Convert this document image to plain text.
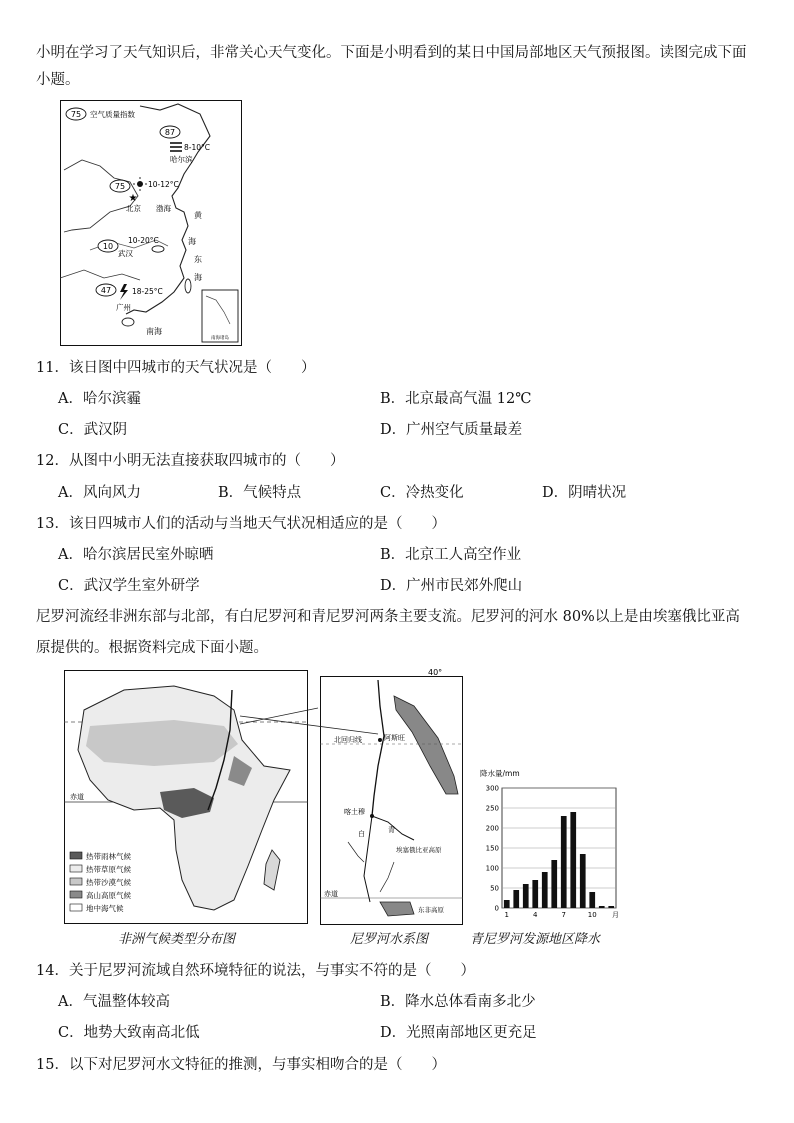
小明在学习了天气知识后，非常关心天气变化。下面是小明看到的某日中国局部地区天气预报图。读图完成下面小题。
75 空气质量指数
87
8-10°C
哈尔滨
75	10-12°C
★
北京 渤海
黄
海
东
海
10
10-20°C
武汉
47	18-25°C
广州
南海
南海诸岛
11．该日图中四城市的天气状况是（　　）
A．哈尔滨霾	B．北京最高气温 12℃
C．武汉阴	D．广州空气质量最差
12．从图中小明无法直接获取四城市的（　　）
A．风向风力	B．气候特点	C．冷热变化	D．阴晴状况
13．该日四城市人们的活动与当地天气状况相适应的是（　　）
A．哈尔滨居民室外晾晒	B．北京工人高空作业
C．武汉学生室外研学	D．广州市民郊外爬山
尼罗河流经非洲东部与北部，有白尼罗河和青尼罗河两条主要支流。尼罗河的河水 80%以上是由埃塞俄比亚高
原提供的。根据资料完成下面小题。
赤道
热带雨林气候
热带草原气候
热带沙漠气候
高山高原气候
地中海气候
非洲气候类型分布图
40°
北回归线
赤道
阿斯旺
喀土穆
白	青
埃塞俄比亚高原
东非高原
尼罗河水系图
降水量/mm
0
50
100
150
200
250
300
1	4	7	10 月
青尼罗河发源地区降水
14．关于尼罗河流域自然环境特征的说法，与事实不符的是（　　）
A．气温整体较高	B．降水总体看南多北少
C．地势大致南高北低	D．光照南部地区更充足
15．以下对尼罗河水文特征的推测，与事实相吻合的是（　　）
